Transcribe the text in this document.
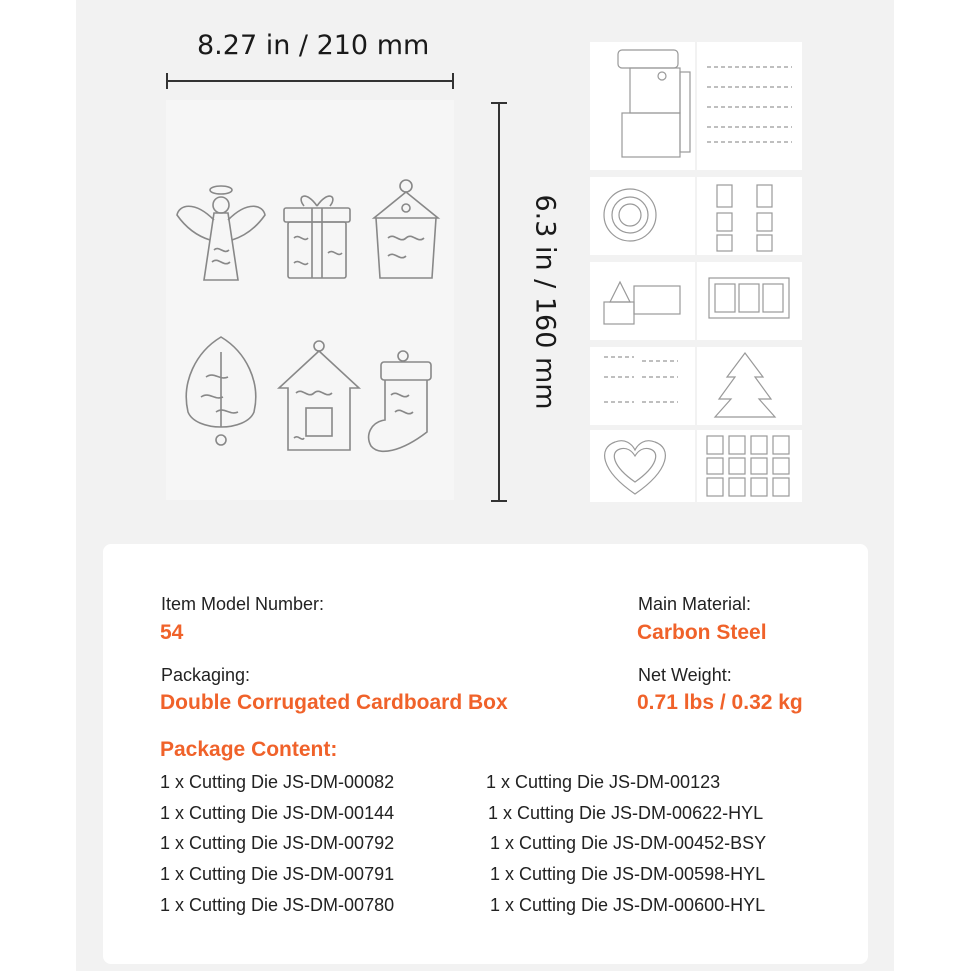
8.27 in / 210 mm
6.3 in / 160 mm
Item Model Number:
54
Main Material:
Carbon Steel
Packaging:
Double Corrugated Cardboard Box
Net Weight:
0.71 lbs / 0.32 kg
Package Content:
1 x Cutting Die JS-DM-00082
1 x Cutting Die JS-DM-00144
1 x Cutting Die JS-DM-00792
1 x Cutting Die JS-DM-00791
1 x Cutting Die JS-DM-00780
1 x Cutting Die JS-DM-00123
1 x Cutting Die JS-DM-00622-HYL
1 x Cutting Die JS-DM-00452-BSY
1 x Cutting Die JS-DM-00598-HYL
1 x Cutting Die JS-DM-00600-HYL
